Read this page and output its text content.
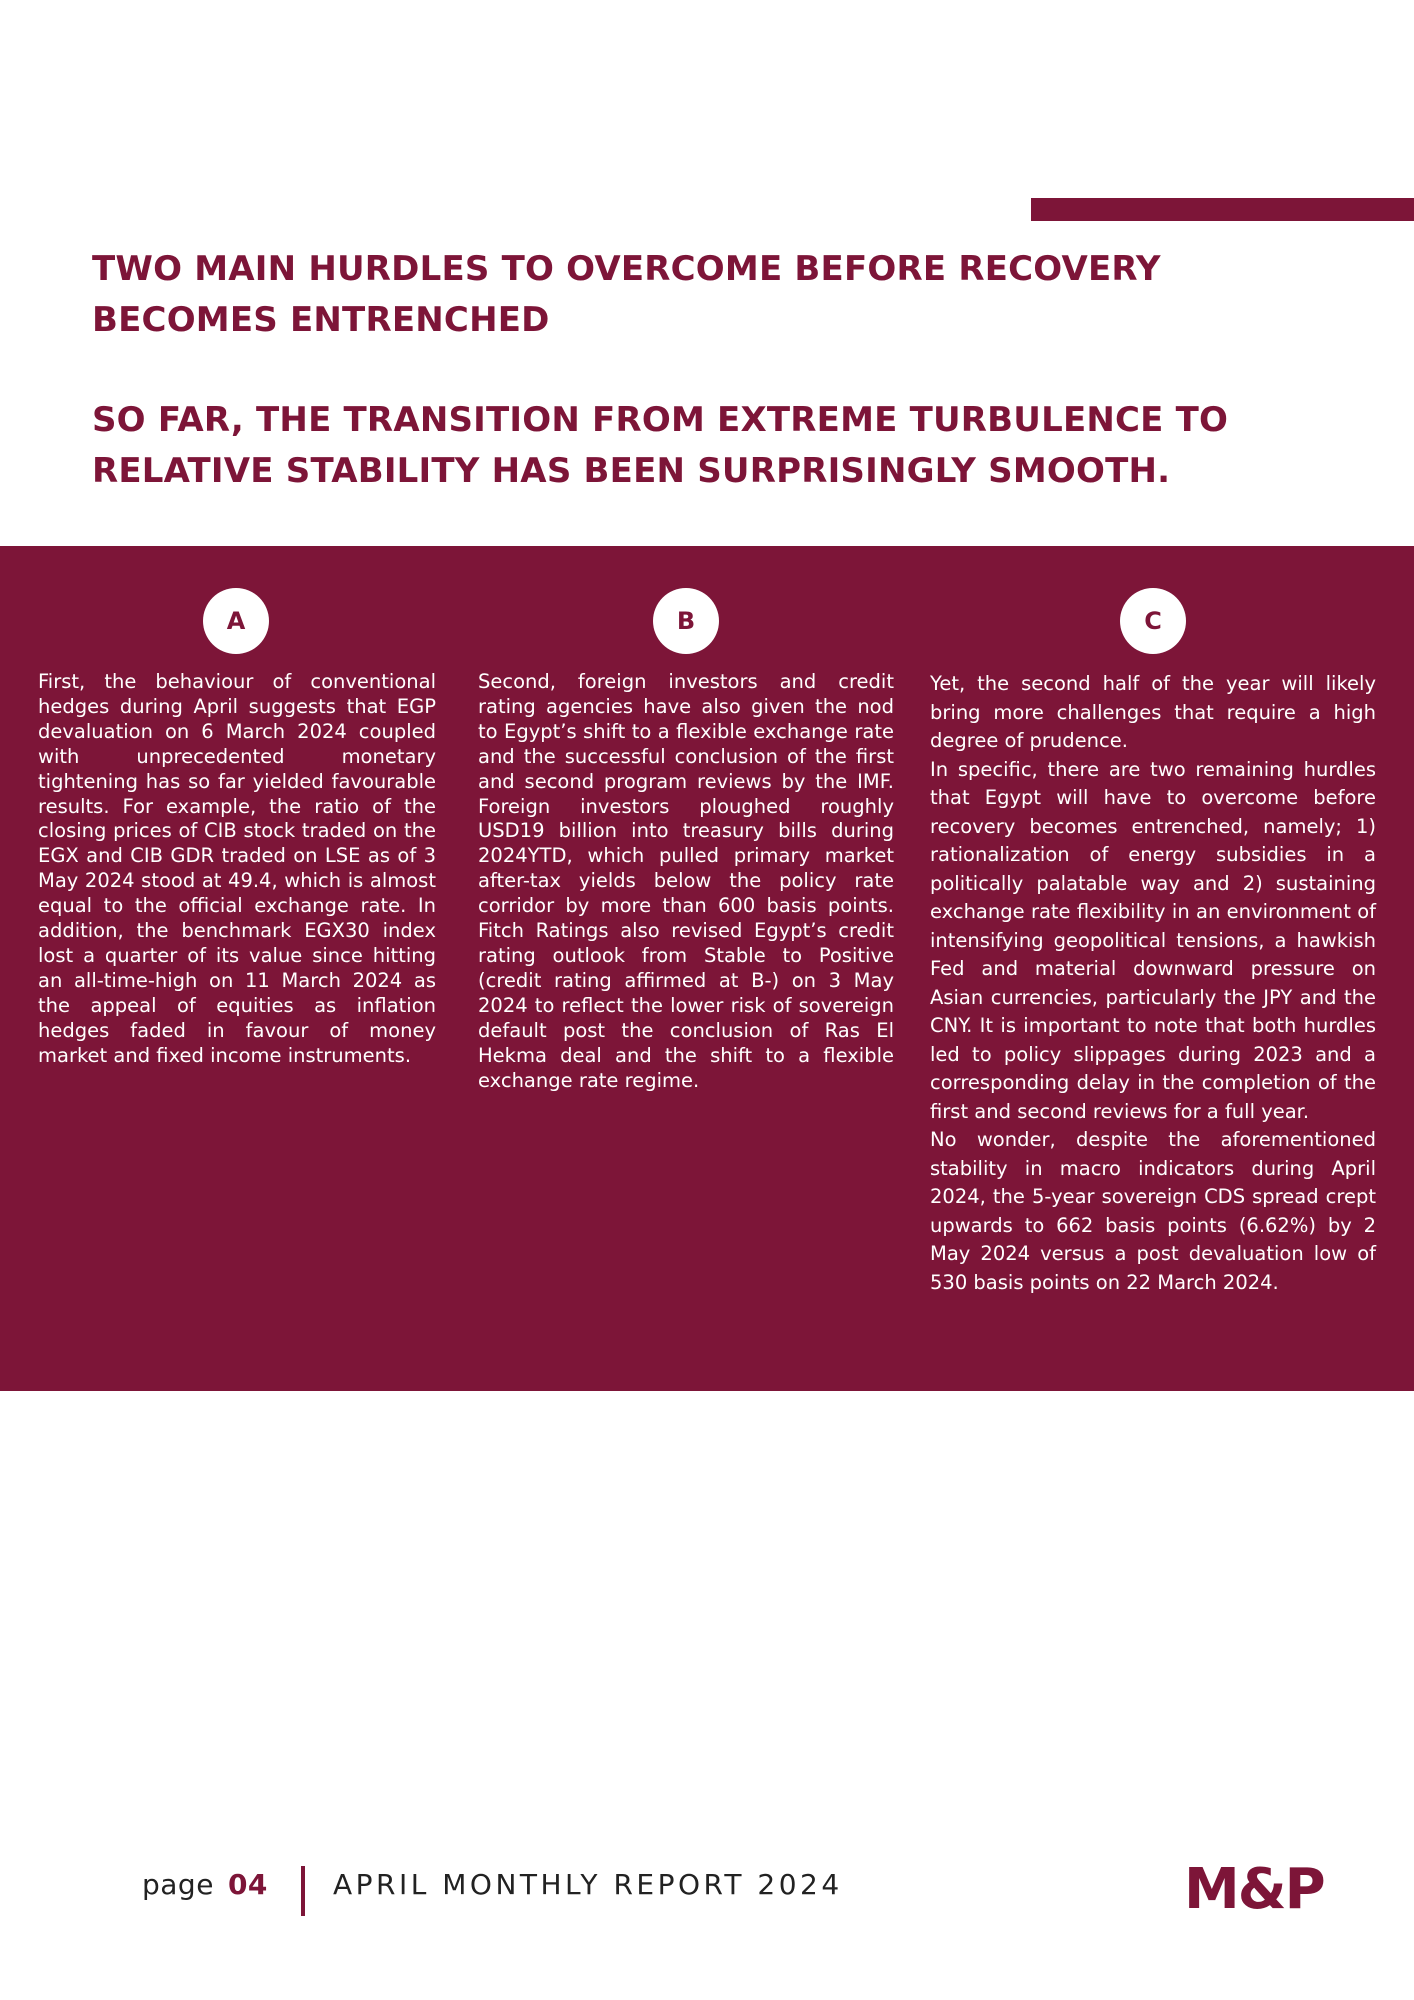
TWO MAIN HURDLES TO OVERCOME BEFORE RECOVERY BECOMES ENTRENCHED
SO FAR, THE TRANSITION FROM EXTREME TURBULENCE TO RELATIVE STABILITY HAS BEEN SURPRISINGLY SMOOTH.
A	B	C

First, the behaviour of conventional hedges during April suggests that EGP devaluation on 6 March 2024 coupled with unprecedented monetary tightening has so far yielded favourable results. For example, the ratio of the closing prices of CIB stock traded on the EGX and CIB GDR traded on LSE as of 3 May 2024 stood at 49.4, which is almost equal to the official exchange rate. In addition, the benchmark EGX30 index lost a quarter of its value since hitting an all-time-high on 11 March 2024 as the appeal of equities as inflation hedges faded in favour of money market and fixed income instruments.

Second, foreign investors and credit rating agencies have also given the nod to Egypt’s shift to a flexible exchange rate and the successful conclusion of the first and second program reviews by the IMF. Foreign investors ploughed roughly USD19 billion into treasury bills during 2024YTD, which pulled primary market after-tax yields below the policy rate corridor by more than 600 basis points. Fitch Ratings also revised Egypt’s credit rating outlook from Stable to Positive (credit rating affirmed at B-) on 3 May 2024 to reflect the lower risk of sovereign default post the conclusion of Ras El Hekma deal and the shift to a flexible exchange rate regime.

Yet, the second half of the year will likely bring more challenges that require a high degree of prudence.

In specific, there are two remaining hurdles that Egypt will have to overcome before recovery becomes entrenched, namely; 1) rationalization of energy subsidies in a politically palatable way and 2) sustaining exchange rate flexibility in an environment of intensifying geopolitical tensions, a hawkish Fed and material downward pressure on Asian currencies, particularly the JPY and the CNY. It is important to note that both hurdles led to policy slippages during 2023 and a corresponding delay in the completion of the first and second reviews for a full year.

No wonder, despite the aforementioned stability in macro indicators during April 2024, the 5-year sovereign CDS spread crept upwards to 662 basis points (6.62%) by 2 May 2024 versus a post devaluation low of 530 basis points on 22 March 2024.

page 04 APRIL MONTHLY REPORT 2024	M&P
